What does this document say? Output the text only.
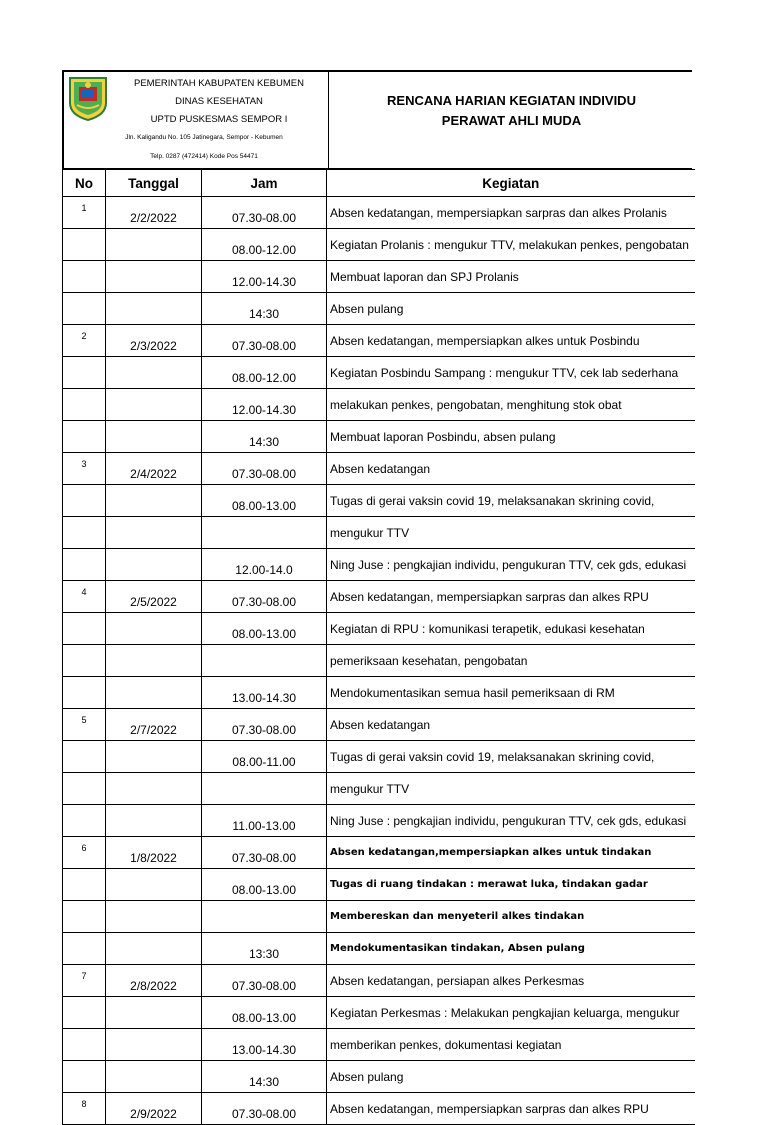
PEMERINTAH KABUPATEN KEBUMEN
DINAS KESEHATAN
UPTD PUSKESMAS SEMPOR I
Jln. Kaligandu No. 105 Jatinegara, Sempor - Kebumen
Telp. 0287 (472414) Kode Pos 54471
RENCANA HARIAN KEGIATAN INDIVIDU
PERAWAT AHLI MUDA
No	Tanggal	Jam	Kegiatan
1	2/2/2022	07.30-08.00	Absen kedatangan, mempersiapkan sarpras dan alkes Prolanis
		08.00-12.00	Kegiatan Prolanis : mengukur TTV, melakukan penkes, pengobatan
		12.00-14.30	Membuat laporan dan SPJ Prolanis
		14:30	Absen pulang
2	2/3/2022	07.30-08.00	Absen kedatangan, mempersiapkan alkes untuk Posbindu
		08.00-12.00	Kegiatan Posbindu Sampang : mengukur TTV, cek lab sederhana
		12.00-14.30	melakukan penkes, pengobatan, menghitung stok obat
		14:30	Membuat laporan Posbindu, absen pulang
3	2/4/2022	07.30-08.00	Absen kedatangan
		08.00-13.00	Tugas di gerai vaksin covid 19, melaksanakan skrining covid,
			mengukur TTV
		12.00-14.0	Ning Juse : pengkajian individu, pengukuran TTV, cek gds, edukasi
4	2/5/2022	07.30-08.00	Absen kedatangan, mempersiapkan sarpras dan alkes RPU
		08.00-13.00	Kegiatan di RPU : komunikasi terapetik, edukasi kesehatan
			pemeriksaan kesehatan, pengobatan
		13.00-14.30	Mendokumentasikan semua hasil pemeriksaan di RM
5	2/7/2022	07.30-08.00	Absen kedatangan
		08.00-11.00	Tugas di gerai vaksin covid 19, melaksanakan skrining covid,
			mengukur TTV
		11.00-13.00	Ning Juse : pengkajian individu, pengukuran TTV, cek gds, edukasi
6	1/8/2022	07.30-08.00	Absen kedatangan,mempersiapkan alkes untuk tindakan
		08.00-13.00	Tugas di ruang tindakan : merawat luka, tindakan gadar
			Membereskan dan menyeteril alkes tindakan
		13:30	Mendokumentasikan tindakan, Absen pulang
7	2/8/2022	07.30-08.00	Absen kedatangan, persiapan alkes Perkesmas
		08.00-13.00	Kegiatan Perkesmas : Melakukan pengkajian keluarga, mengukur
		13.00-14.30	memberikan penkes, dokumentasi kegiatan
		14:30	Absen pulang
8	2/9/2022	07.30-08.00	Absen kedatangan, mempersiapkan sarpras dan alkes RPU
